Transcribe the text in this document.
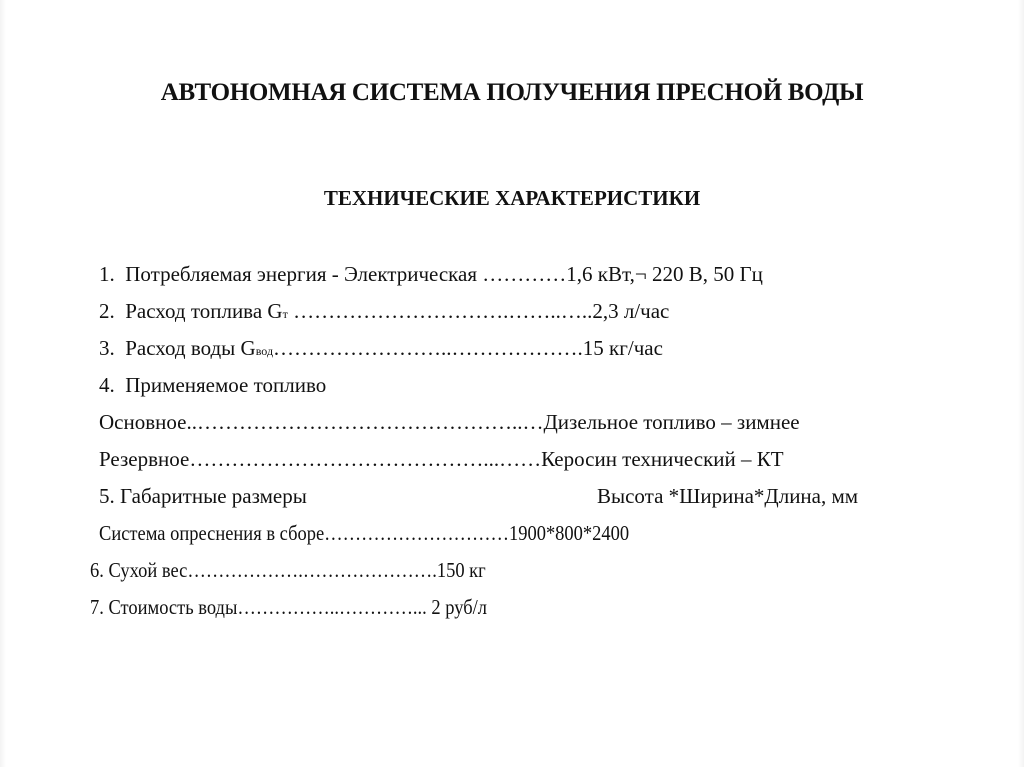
АВТОНОМНАЯ СИСТЕМА ПОЛУЧЕНИЯ ПРЕСНОЙ ВОДЫ
ТЕХНИЧЕСКИЕ ХАРАКТЕРИСТИКИ
1. Потребляемая энергия - Электрическая …………1,6 кВт,¬ 220 В, 50 Гц
2. Расход топлива Gт ………………………….……..…..2,3 л/час
3. Расход воды Gвод……………………..……………….15 кг/час
4. Применяемое топливо
Основное..………………………………………..…Дизельное топливо – зимнее
Резервное……………………………………...……Керосин технический – КТ
5. Габаритные размеры	Высота *Ширина*Длина, мм
Система опреснения в сборе…………………………1900*800*2400
6. Сухой вес……………….………………….150 кг
7. Стоимость воды……………..…………... 2 руб/л
